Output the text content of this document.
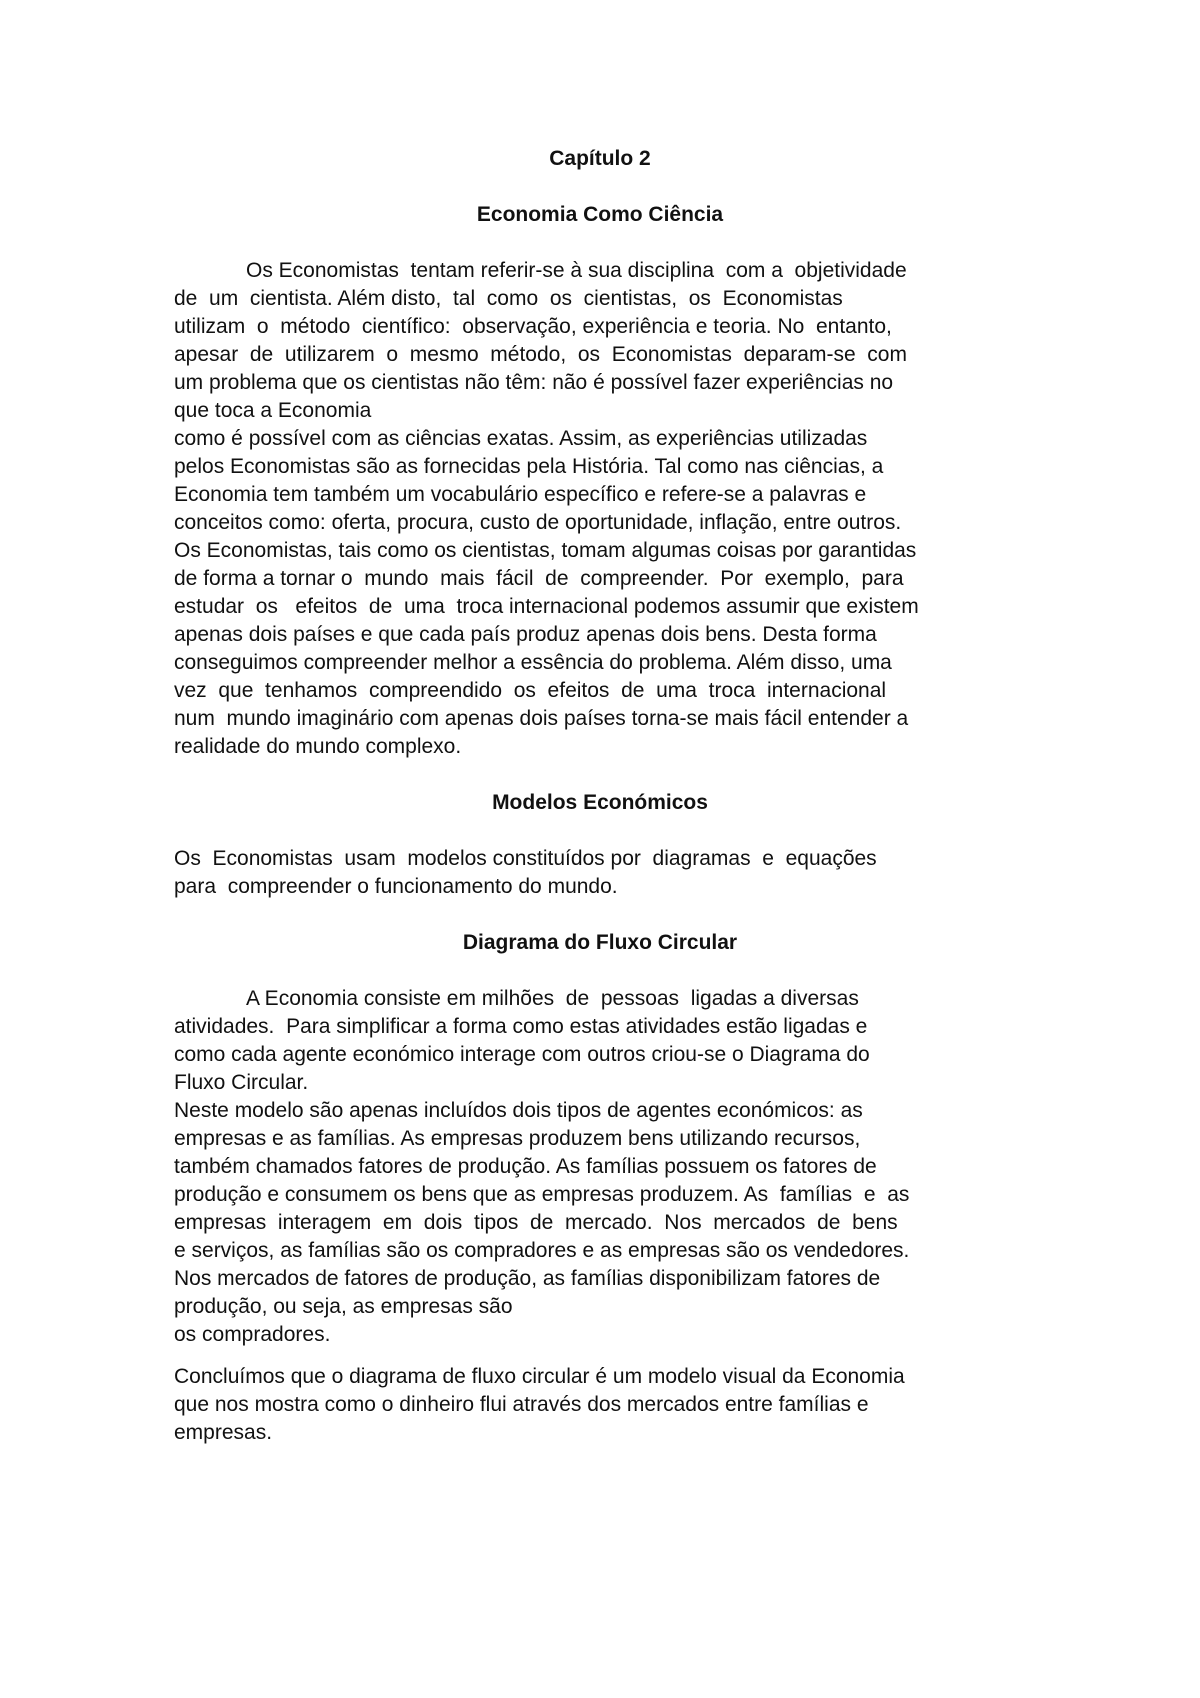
Capítulo 2

Economia Como Ciência

Os Economistas  tentam referir-se à sua disciplina  com a  objetividade

de  um  cientista. Além disto,  tal  como  os  cientistas,  os  Economistas

utilizam  o  método  científico:  observação, experiência e teoria. No  entanto,

apesar  de  utilizarem  o  mesmo  método,  os  Economistas  deparam-se  com

um problema que os cientistas não têm: não é possível fazer experiências no

que toca a Economia

como é possível com as ciências exatas. Assim, as experiências utilizadas

pelos Economistas são as fornecidas pela História. Tal como nas ciências, a

Economia tem também um vocabulário específico e refere-se a palavras e

conceitos como: oferta, procura, custo de oportunidade, inflação, entre outros.

Os Economistas, tais como os cientistas, tomam algumas coisas por garantidas

de forma a tornar o  mundo  mais  fácil  de  compreender.  Por  exemplo,  para

estudar  os   efeitos  de  uma  troca internacional podemos assumir que existem

apenas dois países e que cada país produz apenas dois bens. Desta forma

conseguimos compreender melhor a essência do problema. Além disso, uma

vez  que  tenhamos  compreendido  os  efeitos  de  uma  troca  internacional

num  mundo imaginário com apenas dois países torna-se mais fácil entender a

realidade do mundo complexo.

Modelos Económicos

Os  Economistas  usam  modelos constituídos por  diagramas  e  equações

para  compreender o funcionamento do mundo.

Diagrama do Fluxo Circular

A Economia consiste em milhões  de  pessoas  ligadas a diversas

atividades.  Para simplificar a forma como estas atividades estão ligadas e

como cada agente económico interage com outros criou-se o Diagrama do

Fluxo Circular.

Neste modelo são apenas incluídos dois tipos de agentes económicos: as

empresas e as famílias. As empresas produzem bens utilizando recursos,

também chamados fatores de produção. As famílias possuem os fatores de

produção e consumem os bens que as empresas produzem. As  famílias  e  as

empresas  interagem  em  dois  tipos  de  mercado.  Nos  mercados  de  bens

e serviços, as famílias são os compradores e as empresas são os vendedores.

Nos mercados de fatores de produção, as famílias disponibilizam fatores de

produção, ou seja, as empresas são

os compradores.

Concluímos que o diagrama de fluxo circular é um modelo visual da Economia

que nos mostra como o dinheiro flui através dos mercados entre famílias e

empresas.
